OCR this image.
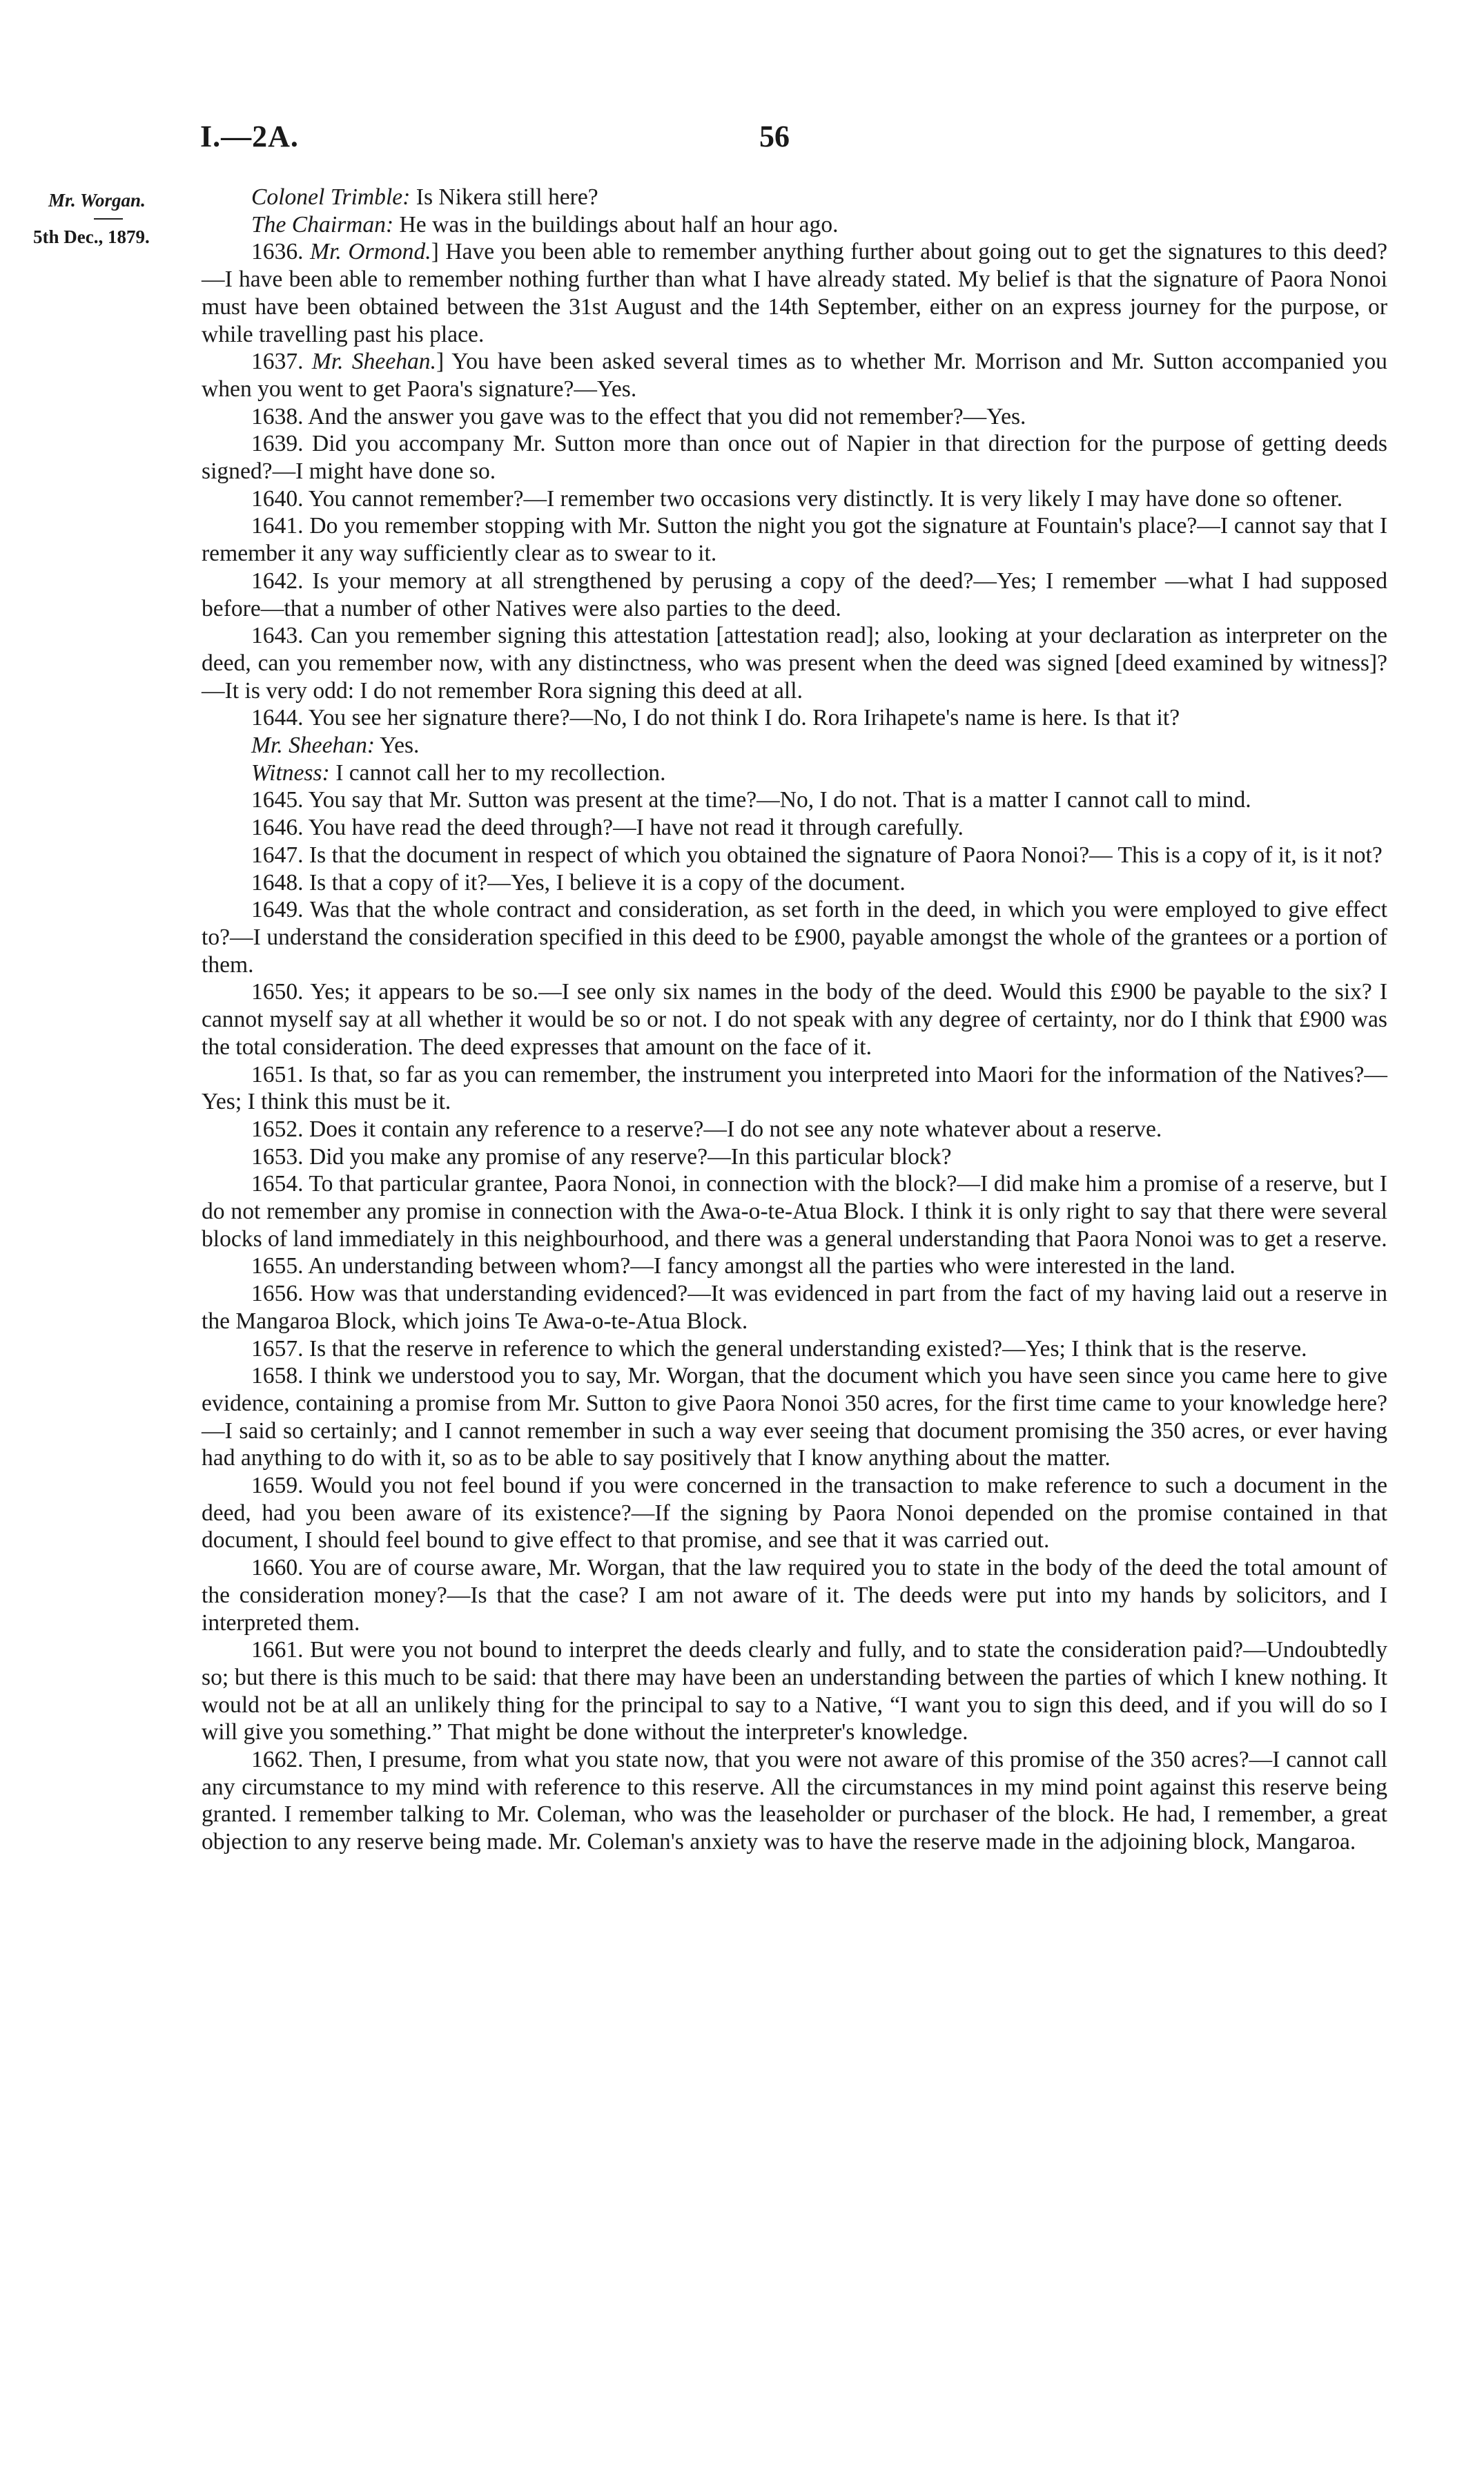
I.—2A.	56
Mr. Worgan.
5th Dec., 1879.

Colonel Trimble: Is Nikera still here?

The Chairman: He was in the buildings about half an hour ago.

1636. Mr. Ormond.] Have you been able to remember anything further about going out to get the signatures to this deed?—I have been able to remember nothing further than what I have already stated. My belief is that the signature of Paora Nonoi must have been obtained between the 31st August and the 14th September, either on an express journey for the purpose, or while travelling past his place.

1637. Mr. Sheehan.] You have been asked several times as to whether Mr. Morrison and Mr. Sutton accompanied you when you went to get Paora's signature?—Yes.

1638. And the answer you gave was to the effect that you did not remember?—Yes.

1639. Did you accompany Mr. Sutton more than once out of Napier in that direction for the purpose of getting deeds signed?—I might have done so.

1640. You cannot remember?—I remember two occasions very distinctly. It is very likely I may have done so oftener.

1641. Do you remember stopping with Mr. Sutton the night you got the signature at Fountain's place?—I cannot say that I remember it any way sufficiently clear as to swear to it.

1642. Is your memory at all strengthened by perusing a copy of the deed?—Yes; I remember —what I had supposed before—that a number of other Natives were also parties to the deed.

1643. Can you remember signing this attestation [attestation read]; also, looking at your declaration as interpreter on the deed, can you remember now, with any distinctness, who was present when the deed was signed [deed examined by witness]?—It is very odd: I do not remember Rora signing this deed at all.

1644. You see her signature there?—No, I do not think I do. Rora Irihapete's name is here. Is that it?

Mr. Sheehan: Yes.

Witness: I cannot call her to my recollection.

1645. You say that Mr. Sutton was present at the time?—No, I do not. That is a matter I cannot call to mind.

1646. You have read the deed through?—I have not read it through carefully.

1647. Is that the document in respect of which you obtained the signature of Paora Nonoi?— This is a copy of it, is it not?

1648. Is that a copy of it?—Yes, I believe it is a copy of the document.

1649. Was that the whole contract and consideration, as set forth in the deed, in which you were employed to give effect to?—I understand the consideration specified in this deed to be £900, payable amongst the whole of the grantees or a portion of them.

1650. Yes; it appears to be so.—I see only six names in the body of the deed. Would this £900 be payable to the six? I cannot myself say at all whether it would be so or not. I do not speak with any degree of certainty, nor do I think that £900 was the total consideration. The deed expresses that amount on the face of it.

1651. Is that, so far as you can remember, the instrument you interpreted into Maori for the information of the Natives?—Yes; I think this must be it.

1652. Does it contain any reference to a reserve?—I do not see any note whatever about a reserve.

1653. Did you make any promise of any reserve?—In this particular block?

1654. To that particular grantee, Paora Nonoi, in connection with the block?—I did make him a promise of a reserve, but I do not remember any promise in connection with the Awa-o-te-Atua Block. I think it is only right to say that there were several blocks of land immediately in this neighbourhood, and there was a general understanding that Paora Nonoi was to get a reserve.

1655. An understanding between whom?—I fancy amongst all the parties who were interested in the land.

1656. How was that understanding evidenced?—It was evidenced in part from the fact of my having laid out a reserve in the Mangaroa Block, which joins Te Awa-o-te-Atua Block.

1657. Is that the reserve in reference to which the general understanding existed?—Yes; I think that is the reserve.

1658. I think we understood you to say, Mr. Worgan, that the document which you have seen since you came here to give evidence, containing a promise from Mr. Sutton to give Paora Nonoi 350 acres, for the first time came to your knowledge here?—I said so certainly; and I cannot remember in such a way ever seeing that document promising the 350 acres, or ever having had anything to do with it, so as to be able to say positively that I know anything about the matter.

1659. Would you not feel bound if you were concerned in the transaction to make reference to such a document in the deed, had you been aware of its existence?—If the signing by Paora Nonoi depended on the promise contained in that document, I should feel bound to give effect to that promise, and see that it was carried out.

1660. You are of course aware, Mr. Worgan, that the law required you to state in the body of the deed the total amount of the consideration money?—Is that the case? I am not aware of it. The deeds were put into my hands by solicitors, and I interpreted them.

1661. But were you not bound to interpret the deeds clearly and fully, and to state the consideration paid?—Undoubtedly so; but there is this much to be said: that there may have been an understanding between the parties of which I knew nothing. It would not be at all an unlikely thing for the principal to say to a Native, “I want you to sign this deed, and if you will do so I will give you something.” That might be done without the interpreter's knowledge.

1662. Then, I presume, from what you state now, that you were not aware of this promise of the 350 acres?—I cannot call any circumstance to my mind with reference to this reserve. All the circumstances in my mind point against this reserve being granted. I remember talking to Mr. Coleman, who was the leaseholder or purchaser of the block. He had, I remember, a great objection to any reserve being made. Mr. Coleman's anxiety was to have the reserve made in the adjoining block, Mangaroa.
